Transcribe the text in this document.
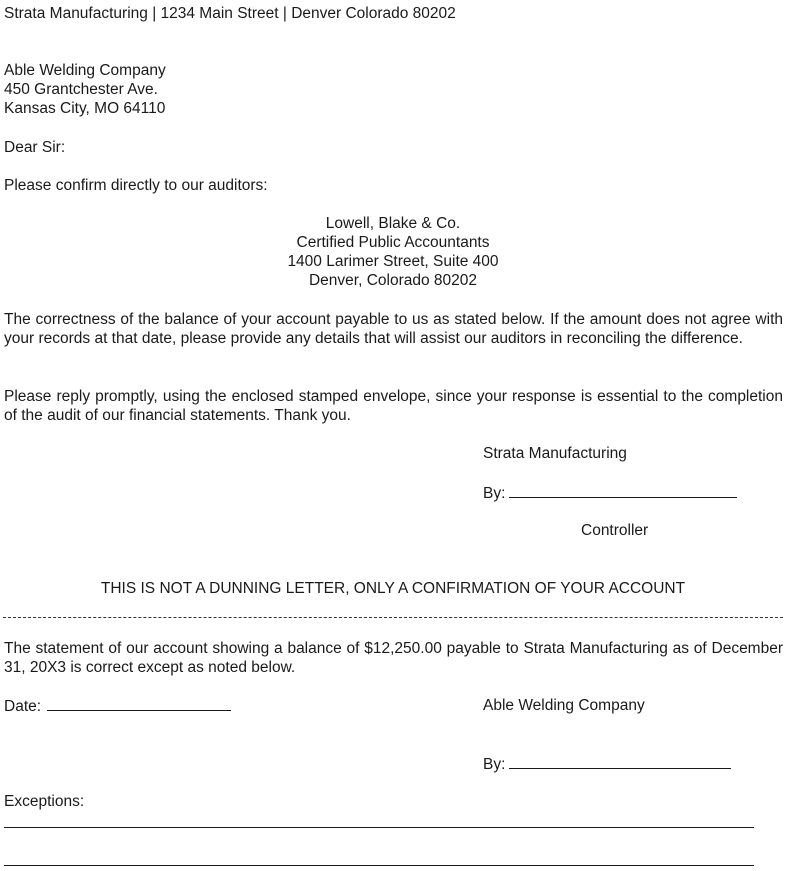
Strata Manufacturing | 1234 Main Street | Denver Colorado 80202
Able Welding Company
450 Grantchester Ave.
Kansas City, MO 64110
Dear Sir:
Please confirm directly to our auditors:
Lowell, Blake & Co.
Certified Public Accountants
1400 Larimer Street, Suite 400
Denver, Colorado 80202
The correctness of the balance of your account payable to us as stated below. If the amount does not agree with your records at that date, please provide any details that will assist our auditors in reconciling the difference.
Please reply promptly, using the enclosed stamped envelope, since your response is essential to the completion of the audit of our financial statements. Thank you.
Strata Manufacturing
By:
Controller
THIS IS NOT A DUNNING LETTER, ONLY A CONFIRMATION OF YOUR ACCOUNT
The statement of our account showing a balance of $12,250.00 payable to Strata Manufacturing as of December 31, 20X3 is correct except as noted below.
Date:	Able Welding Company
By:
Exceptions:
